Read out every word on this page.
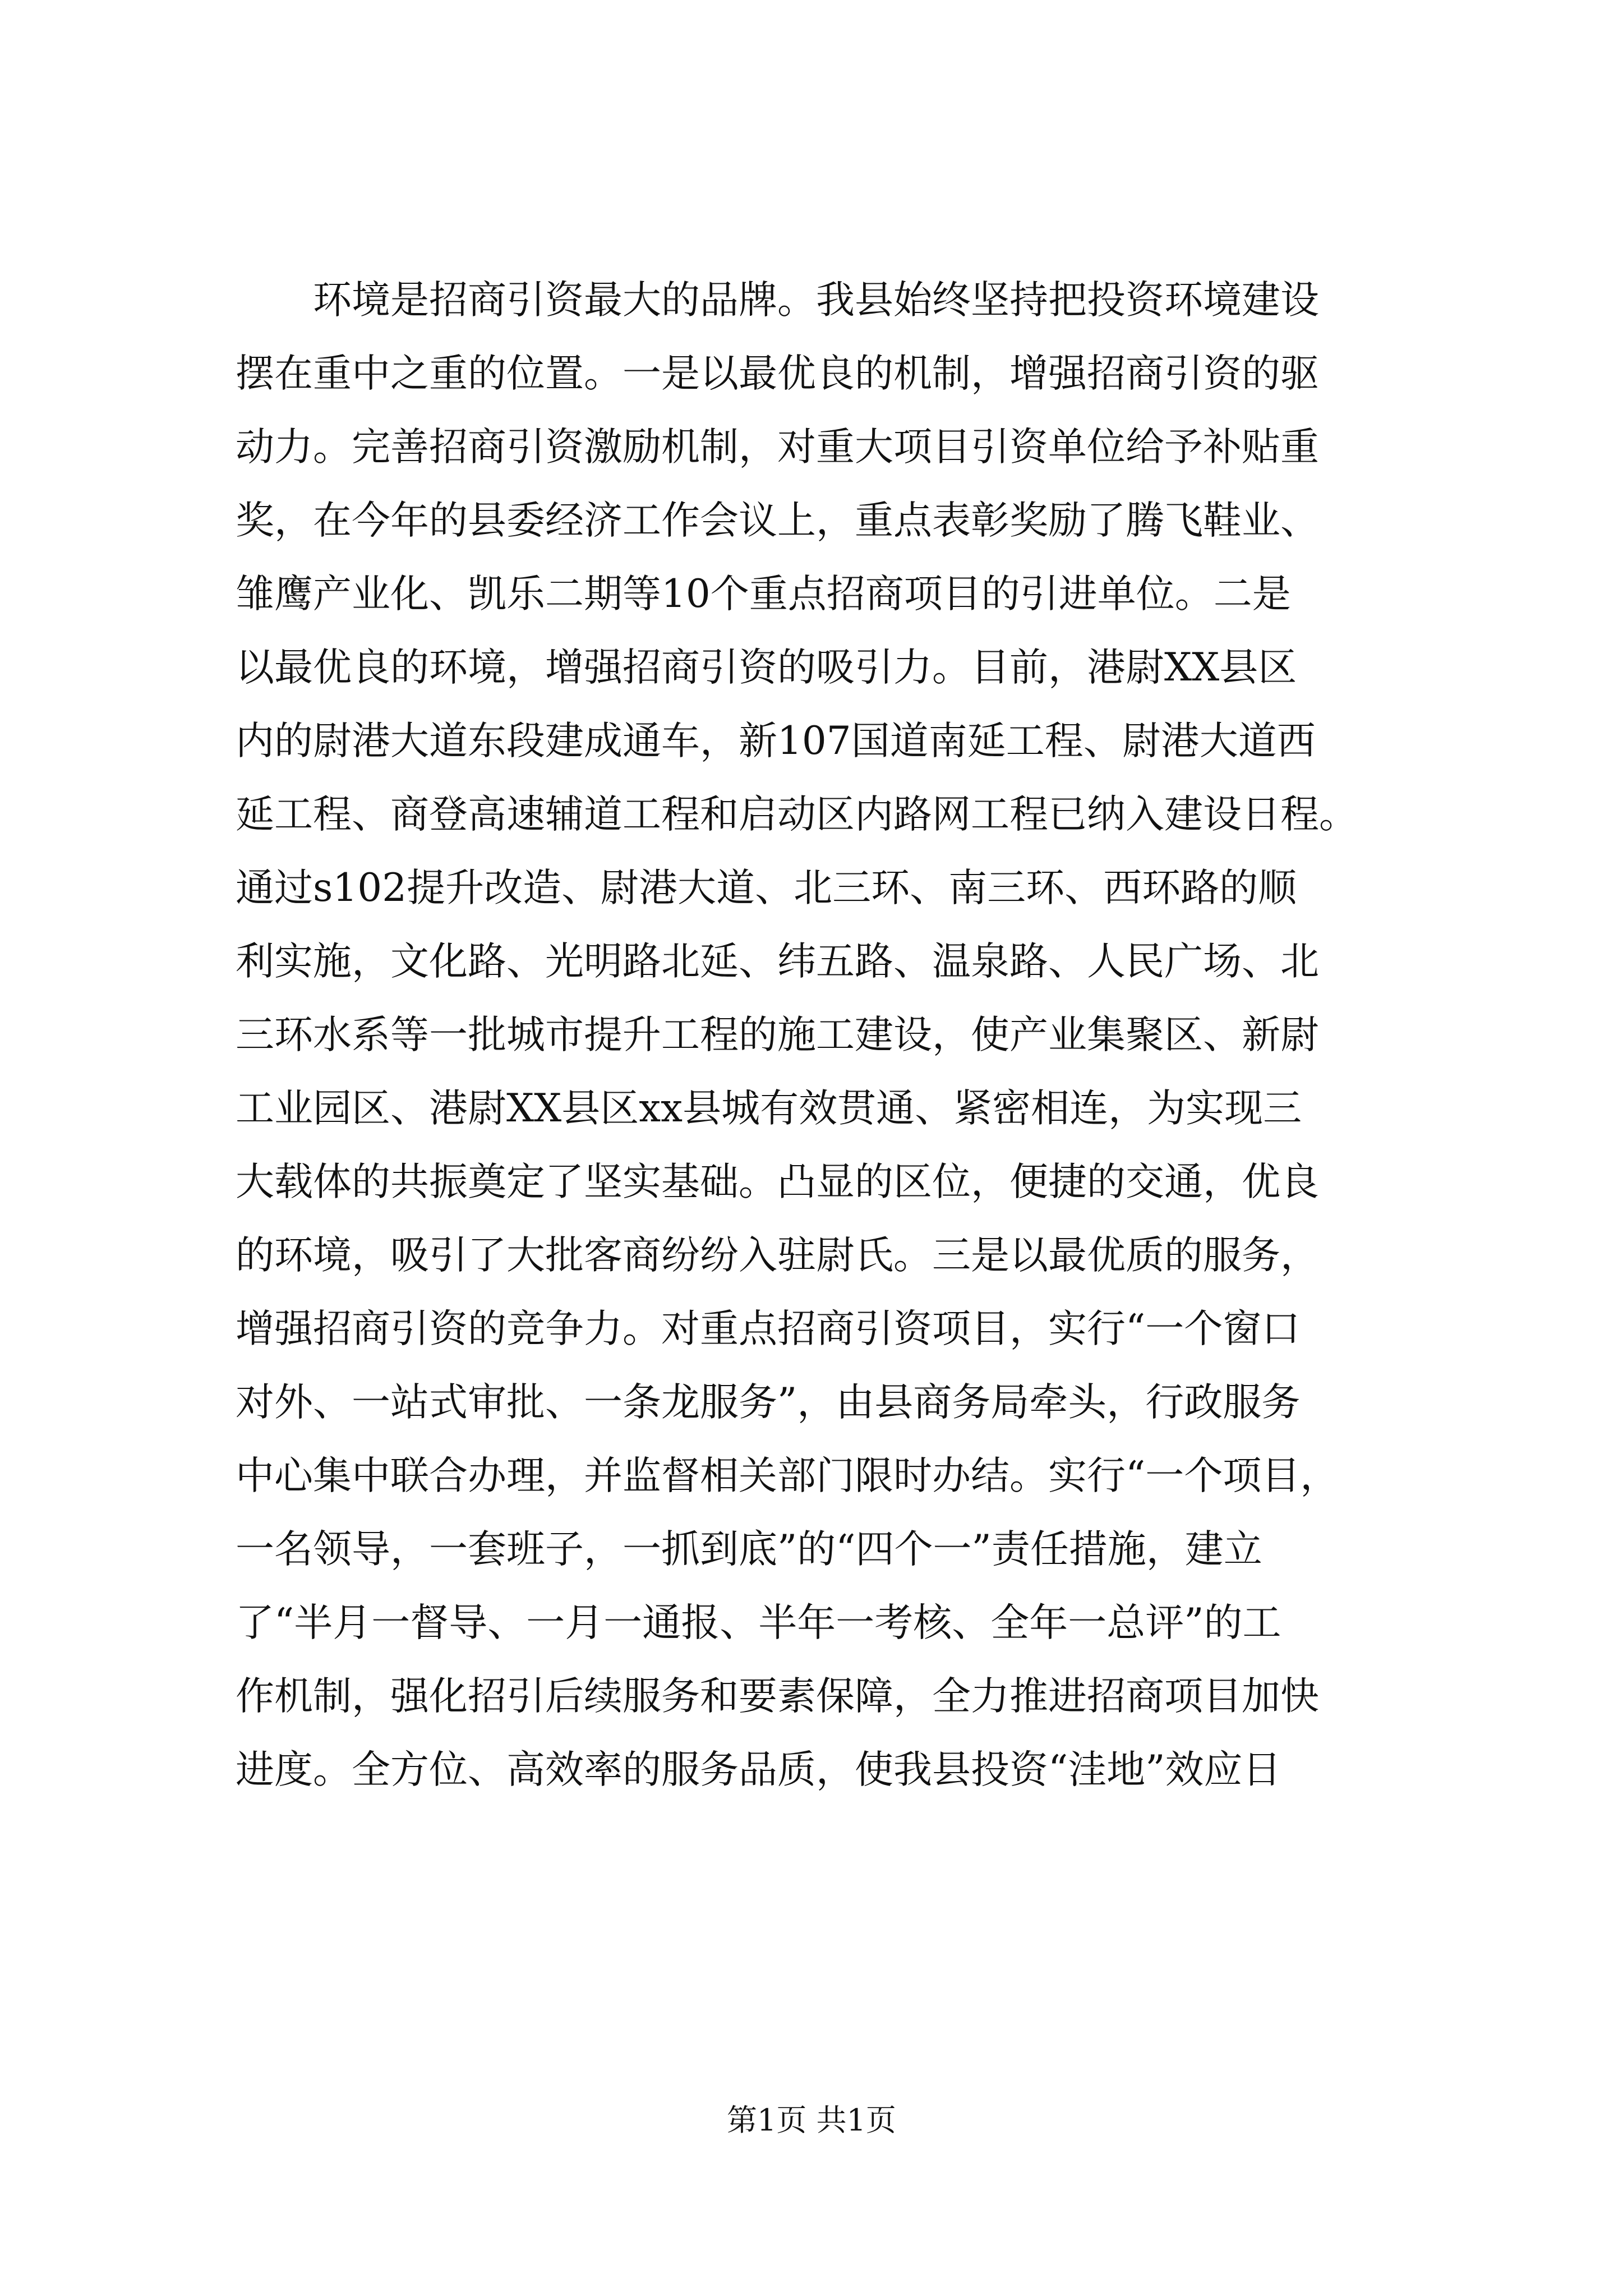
　　环境是招商引资最大的品牌。我县始终坚持把投资环境建设
摆在重中之重的位置。一是以最优良的机制，增强招商引资的驱
动力。完善招商引资激励机制，对重大项目引资单位给予补贴重
奖，在今年的县委经济工作会议上，重点表彰奖励了腾飞鞋业、
雏鹰产业化、凯乐二期等10个重点招商项目的引进单位。二是
以最优良的环境，增强招商引资的吸引力。目前，港尉XX县区
内的尉港大道东段建成通车，新107国道南延工程、尉港大道西
延工程、商登高速辅道工程和启动区内路网工程已纳入建设日程。
通过s102提升改造、尉港大道、北三环、南三环、西环路的顺
利实施，文化路、光明路北延、纬五路、温泉路、人民广场、北
三环水系等一批城市提升工程的施工建设，使产业集聚区、新尉
工业园区、港尉XX县区xx县城有效贯通、紧密相连，为实现三
大载体的共振奠定了坚实基础。凸显的区位，便捷的交通，优良
的环境，吸引了大批客商纷纷入驻尉氏。三是以最优质的服务，
增强招商引资的竞争力。对重点招商引资项目，实行“一个窗口
对外、一站式审批、一条龙服务”，由县商务局牵头，行政服务
中心集中联合办理，并监督相关部门限时办结。实行“一个项目，
一名领导，一套班子，一抓到底”的“四个一”责任措施，建立
了“半月一督导、一月一通报、半年一考核、全年一总评”的工
作机制，强化招引后续服务和要素保障，全力推进招商项目加快
进度。全方位、高效率的服务品质，使我县投资“洼地”效应日
第1页 共1页
